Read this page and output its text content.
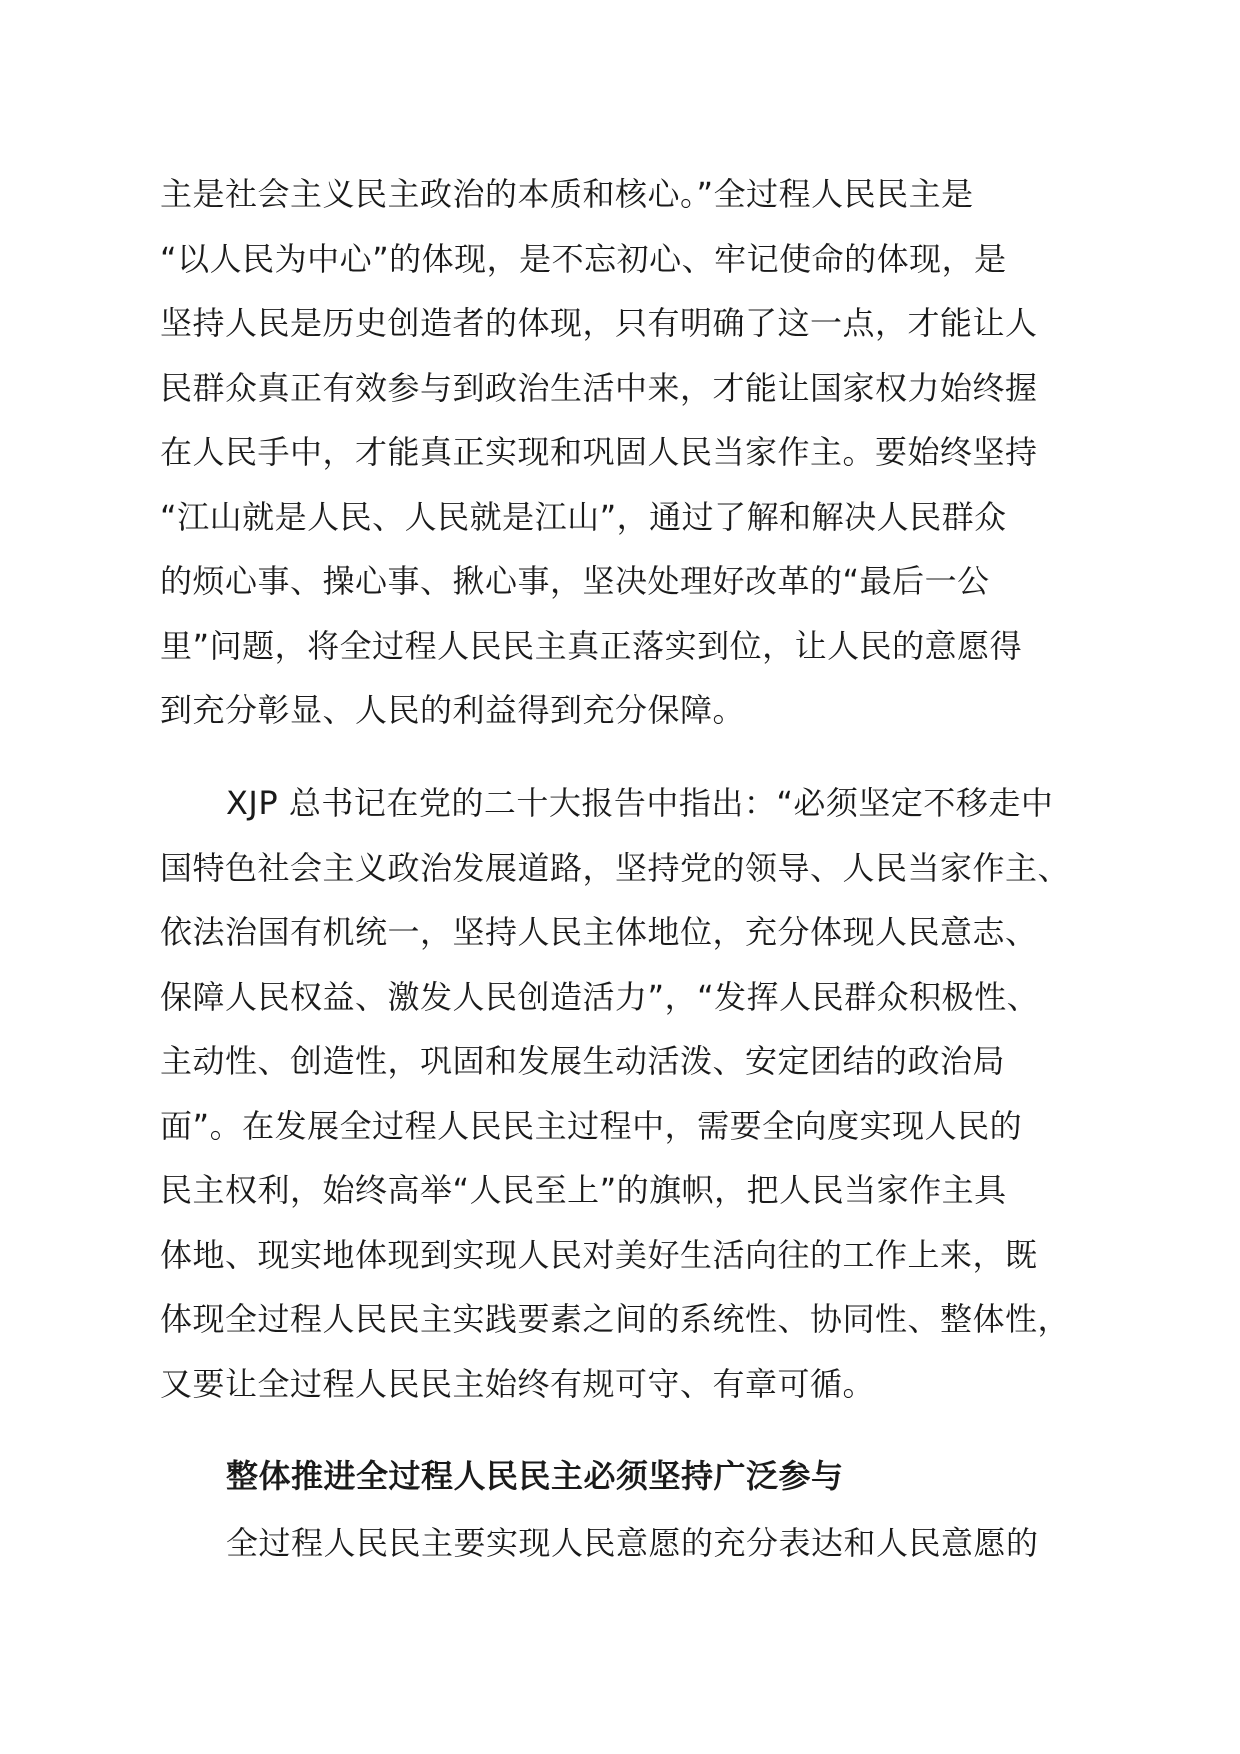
主是社会主义民主政治的本质和核心。”全过程人民民主是
“以人民为中心”的体现，是不忘初心、牢记使命的体现，是
坚持人民是历史创造者的体现，只有明确了这一点，才能让人
民群众真正有效参与到政治生活中来，才能让国家权力始终握
在人民手中，才能真正实现和巩固人民当家作主。要始终坚持
“江山就是人民、人民就是江山”，通过了解和解决人民群众
的烦心事、操心事、揪心事，坚决处理好改革的“最后一公
里”问题，将全过程人民民主真正落实到位，让人民的意愿得
到充分彰显、人民的利益得到充分保障。
XJP 总书记在党的二十大报告中指出：“必须坚定不移走中
国特色社会主义政治发展道路，坚持党的领导、人民当家作主、
依法治国有机统一，坚持人民主体地位，充分体现人民意志、
保障人民权益、激发人民创造活力”，“发挥人民群众积极性、
主动性、创造性，巩固和发展生动活泼、安定团结的政治局
面”。在发展全过程人民民主过程中，需要全向度实现人民的
民主权利，始终高举“人民至上”的旗帜，把人民当家作主具
体地、现实地体现到实现人民对美好生活向往的工作上来，既
体现全过程人民民主实践要素之间的系统性、协同性、整体性，
又要让全过程人民民主始终有规可守、有章可循。
整体推进全过程人民民主必须坚持广泛参与
全过程人民民主要实现人民意愿的充分表达和人民意愿的
